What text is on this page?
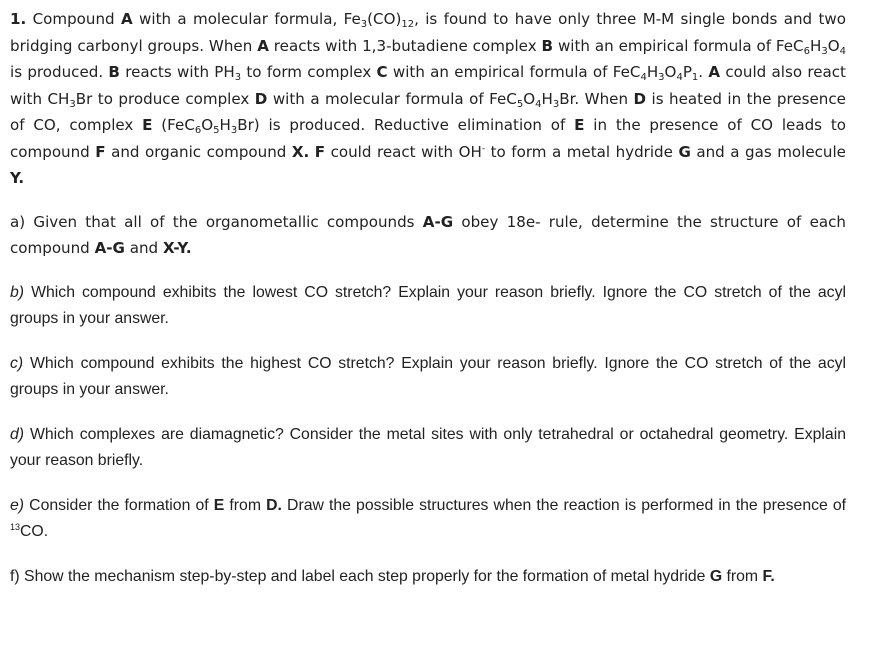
1. Compound A with a molecular formula, $Fe_3(CO)_{12}$, is found to have only three M-M single bonds and two bridging carbonyl groups. When A reacts with 1,3-butadiene complex B with an empirical formula of $FeC_6H_3O_4$ is produced. B reacts with $PH_3$ to form complex C with an empirical formula of $FeC_4H_3O_4P_1$. A could also react with $CH_3Br$ to produce complex D with a molecular formula of $FeC_5O_4H_3Br$. When D is heated in the presence of CO, complex E $(FeC_6O_5H_3Br)$ is produced. Reductive elimination of E in the presence of CO leads to compound F and organic compound X. F could react with OH- to form a metal hydride G and a gas molecule Y.

a) Given that all of the organometallic compounds A-G obey 18e- rule, determine the structure of each compound A-G and X-Y.

b) Which compound exhibits the lowest CO stretch? Explain your reason briefly. Ignore the CO stretch of the acyl groups in your answer.

c) Which compound exhibits the highest CO stretch? Explain your reason briefly. Ignore the CO stretch of the acyl groups in your answer.

d) Which complexes are diamagnetic? Consider the metal sites with only tetrahedral or octahedral geometry. Explain your reason briefly.

e) Consider the formation of E from D. Draw the possible structures when the reaction is performed in the presence of $^{13}$CO.

f) Show the mechanism step-by-step and label each step properly for the formation of metal hydride G from F.
